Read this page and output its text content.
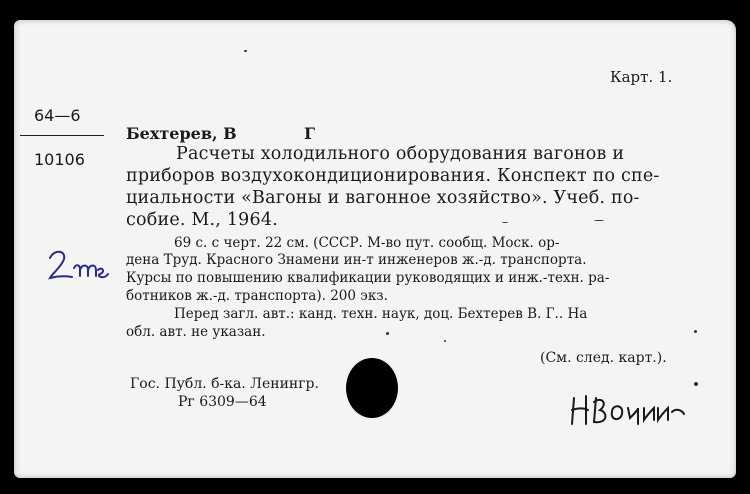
Карт. 1.
64—6
10106
Бехтерев, В	Г
Расчеты холодильного оборудования вагонов и
приборов воздухокондиционирования. Конспект по спе-
циальности «Вагоны и вагонное хозяйство». Учеб. по-
собие. М., 1964.
69 с. с черт. 22 см. (СССР. М-во пут. сообщ. Моск. ор-
дена Труд. Красного Знамени ин-т инженеров ж.-д. транспорта.
Курсы по повышению квалификации руководящих и инж.-техн. ра-
ботников ж.-д. транспорта). 200 экз.
Перед загл. авт.: канд. техн. наук, доц. Бехтерев В. Г.. На
обл. авт. не указан.
(См. след. карт.).
Гос. Публ. б-ка. Ленингр.
Рг 6309—64
